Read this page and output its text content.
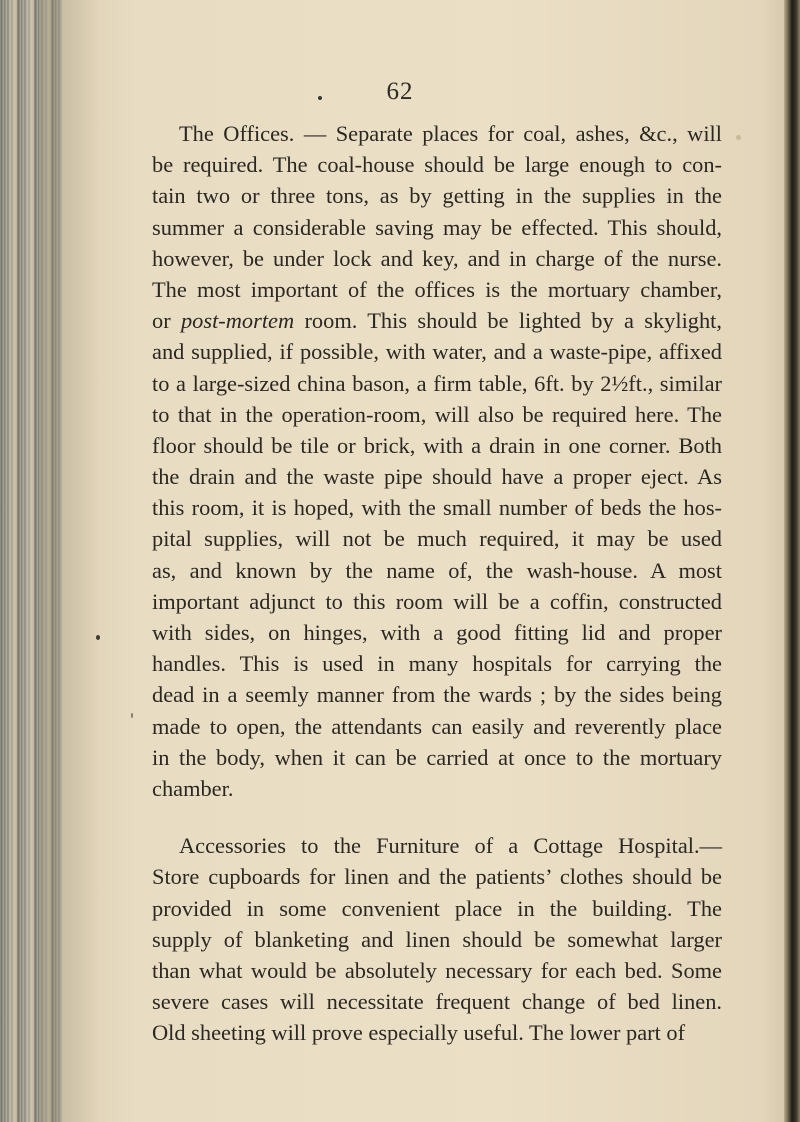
62
The Offices. — Separate places for coal, ashes, &c., will
be required. The coal-house should be large enough to con-
tain two or three tons, as by getting in the supplies in the
summer a considerable saving may be effected. This should,
however, be under lock and key, and in charge of the nurse.
The most important of the offices is the mortuary chamber,
or post-mortem room. This should be lighted by a skylight,
and supplied, if possible, with water, and a waste-pipe, affixed
to a large-sized china bason, a firm table, 6ft. by 2½ft., similar
to that in the operation-room, will also be required here. The
floor should be tile or brick, with a drain in one corner. Both
the drain and the waste pipe should have a proper eject. As
this room, it is hoped, with the small number of beds the hos-
pital supplies, will not be much required, it may be used
as, and known by the name of, the wash-house. A most
important adjunct to this room will be a coffin, constructed
with sides, on hinges, with a good fitting lid and proper
handles. This is used in many hospitals for carrying the
dead in a seemly manner from the wards ; by the sides being
made to open, the attendants can easily and reverently place
in the body, when it can be carried at once to the mortuary
chamber.
Accessories to the Furniture of a Cottage Hospital.—
Store cupboards for linen and the patients’ clothes should be
provided in some convenient place in the building. The
supply of blanketing and linen should be somewhat larger
than what would be absolutely necessary for each bed. Some
severe cases will necessitate frequent change of bed linen.
Old sheeting will prove especially useful. The lower part of
